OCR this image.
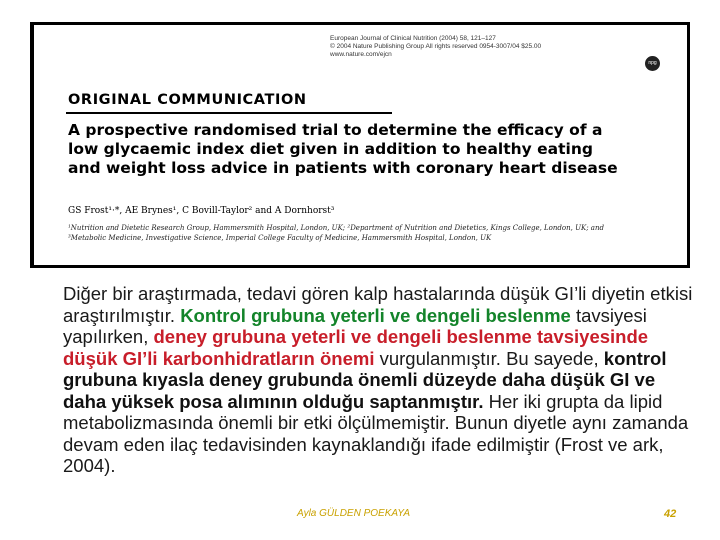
European Journal of Clinical Nutrition (2004) 58, 121–127
© 2004 Nature Publishing Group All rights reserved 0954-3007/04 $25.00
www.nature.com/ejcn
npg
ORIGINAL COMMUNICATION
A prospective randomised trial to determine the efficacy of a low glycaemic index diet given in addition to healthy eating and weight loss advice in patients with coronary heart disease
GS Frost¹·*, AE Brynes¹, C Bovill-Taylor² and A Dornhorst³
¹Nutrition and Dietetic Research Group, Hammersmith Hospital, London, UK; ²Department of Nutrition and Dietetics, Kings College, London, UK; and ³Metabolic Medicine, Investigative Science, Imperial College Faculty of Medicine, Hammersmith Hospital, London, UK
Diğer bir araştırmada, tedavi gören kalp hastalarında düşük GI’li diyetin etkisi araştırılmıştır. Kontrol grubuna yeterli ve dengeli beslenme tavsiyesi yapılırken, deney grubuna yeterli ve dengeli beslenme tavsiyesinde düşük GI’li karbonhidratların önemi vurgulanmıştır. Bu sayede, kontrol grubuna kıyasla deney grubunda önemli düzeyde daha düşük GI ve daha yüksek posa alımının olduğu saptanmıştır. Her iki grupta da lipid metabolizmasında önemli bir etki ölçülmemiştir. Bunun diyetle aynı zamanda devam eden ilaç tedavisinden kaynaklandığı ifade edilmiştir (Frost ve ark, 2004).
Ayla GÜLDEN POEKAYA	42
